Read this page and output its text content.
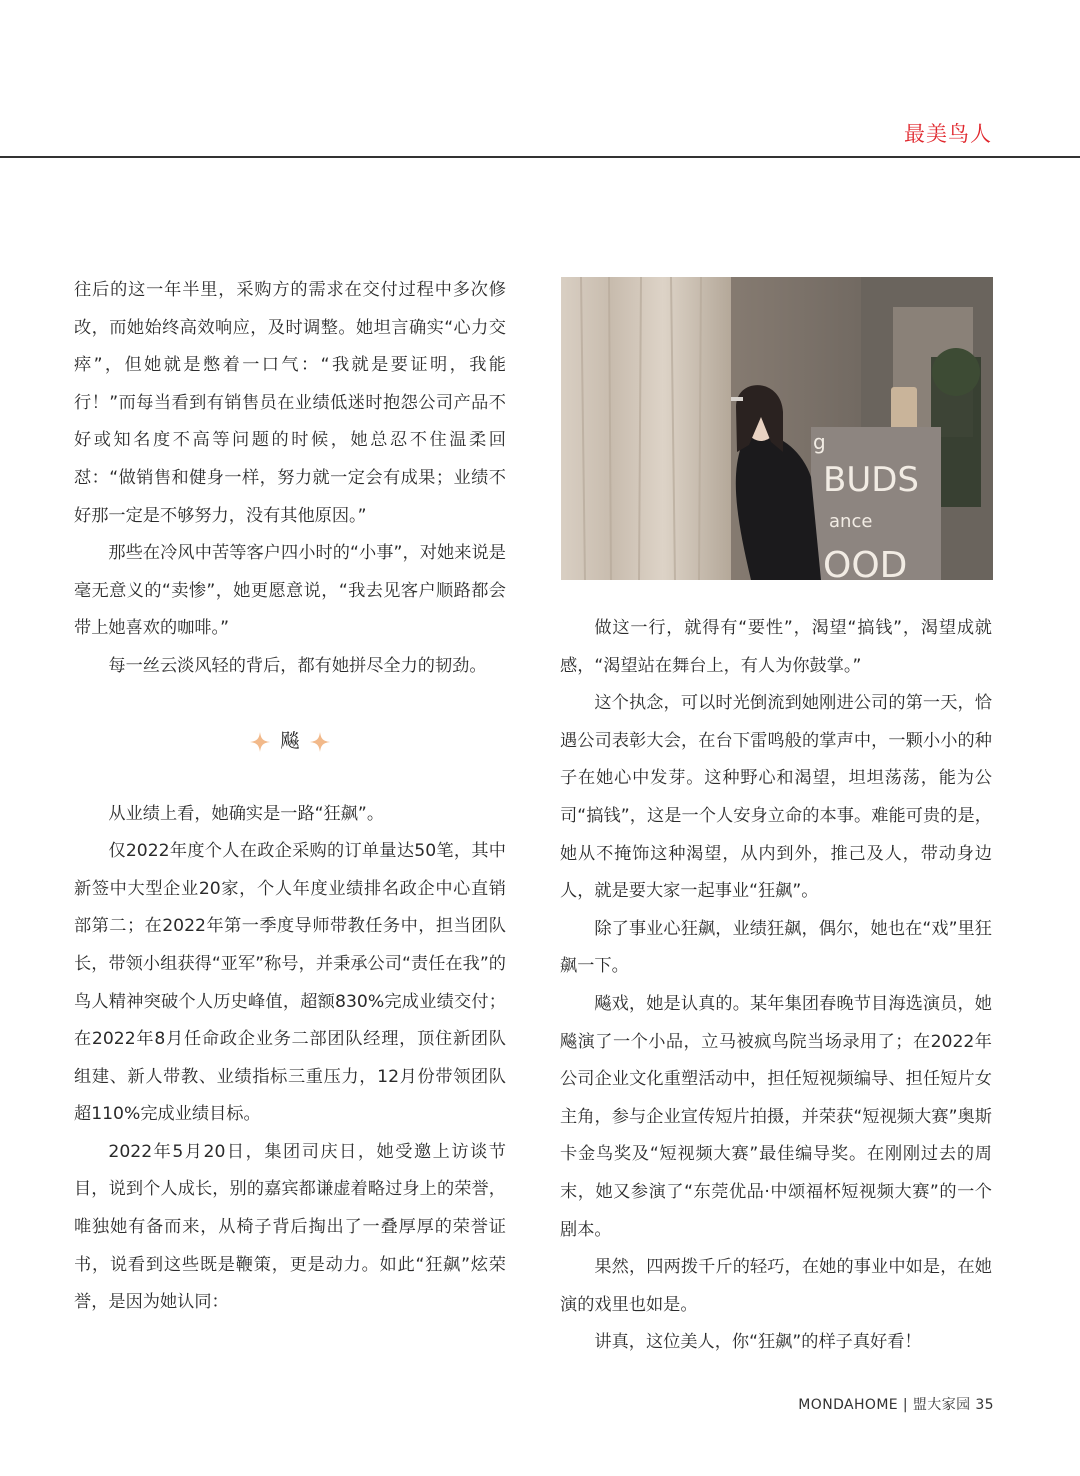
最美鸟人

往后的这一年半里，采购方的需求在交付过程中多次修改，而她始终高效响应，及时调整。她坦言确实“心力交瘁”，但她就是憋着一口气：“我就是要证明，我能行！”而每当看到有销售员在业绩低迷时抱怨公司产品不好或知名度不高等问题的时候，她总忍不住温柔回怼：“做销售和健身一样，努力就一定会有成果；业绩不好那一定是不够努力，没有其他原因。”

那些在冷风中苦等客户四小时的“小事”，对她来说是毫无意义的“卖惨”，她更愿意说，“我去见客户顺路都会带上她喜欢的咖啡。”

每一丝云淡风轻的背后，都有她拼尽全力的韧劲。

飚

从业绩上看，她确实是一路“狂飙”。

仅2022年度个人在政企采购的订单量达50笔，其中新签中大型企业20家，个人年度业绩排名政企中心直销部第二；在2022年第一季度导师带教任务中，担当团队长，带领小组获得“亚军”称号，并秉承公司“责任在我”的鸟人精神突破个人历史峰值，超额830%完成业绩交付；在2022年8月任命政企业务二部团队经理，顶住新团队组建、新人带教、业绩指标三重压力，12月份带领团队超110%完成业绩目标。

2022年5月20日，集团司庆日，她受邀上访谈节目，说到个人成长，别的嘉宾都谦虚着略过身上的荣誉，唯独她有备而来，从椅子背后掏出了一叠厚厚的荣誉证书，说看到这些既是鞭策，更是动力。如此“狂飙”炫荣誉，是因为她认同：

g
BUDS
ance
OOD

做这一行，就得有“要性”，渴望“搞钱”，渴望成就感，“渴望站在舞台上，有人为你鼓掌。”

这个执念，可以时光倒流到她刚进公司的第一天，恰遇公司表彰大会，在台下雷鸣般的掌声中，一颗小小的种子在她心中发芽。这种野心和渴望，坦坦荡荡，能为公司“搞钱”，这是一个人安身立命的本事。难能可贵的是，她从不掩饰这种渴望，从内到外，推己及人，带动身边人，就是要大家一起事业“狂飙”。

除了事业心狂飙，业绩狂飙，偶尔，她也在“戏”里狂飙一下。

飚戏，她是认真的。某年集团春晚节目海选演员，她飚演了一个小品，立马被疯鸟院当场录用了；在2022年公司企业文化重塑活动中，担任短视频编导、担任短片女主角，参与企业宣传短片拍摄，并荣获“短视频大赛”奥斯卡金鸟奖及“短视频大赛”最佳编导奖。在刚刚过去的周末，她又参演了“东莞优品·中颂福杯短视频大赛”的一个剧本。

果然，四两拨千斤的轻巧，在她的事业中如是，在她演的戏里也如是。

讲真，这位美人，你“狂飙”的样子真好看！

MONDAHOME | 盟大家园 35
